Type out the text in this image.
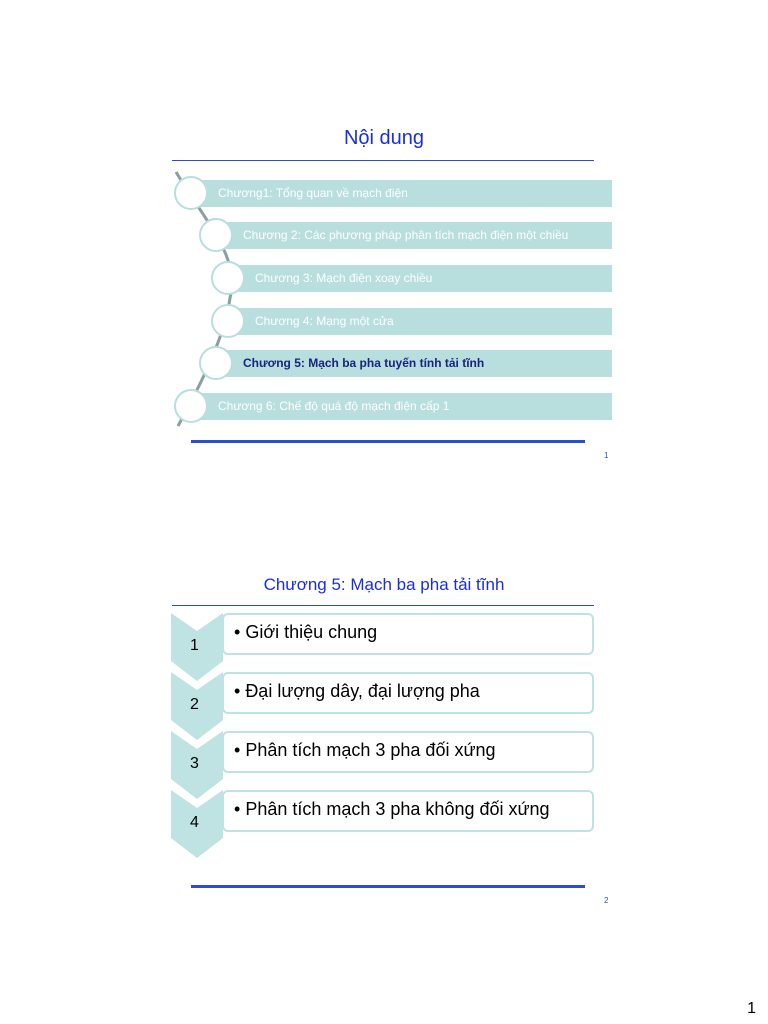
Nội dung
Chương1: Tổng quan về mạch điện
Chương 2: Các phương pháp phân tích mạch điện một chiều
Chương 3: Mạch điện xoay chiều
Chương 4: Mạng một cửa
Chương 5: Mạch ba pha tuyến tính tải tĩnh
Chương 6: Chế độ quá độ mạch điện cấp 1
1
Chương 5: Mạch ba pha tải tĩnh
1
• Giới thiệu chung
2
• Đại lượng dây, đại lượng pha
3
• Phân tích mạch 3 pha đối xứng
4
• Phân tích mạch 3 pha không đối xứng
2
1
